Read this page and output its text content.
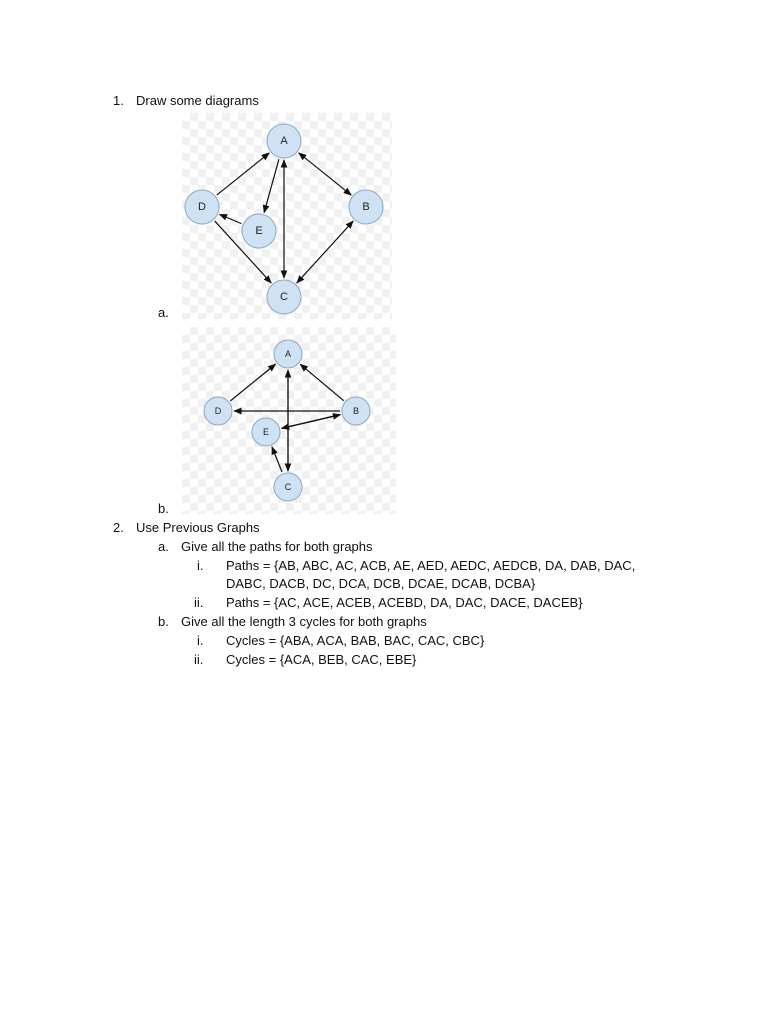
1. Draw some diagrams
A
B
C
D
E
a.
A
B
C
D
E
b.
2. Use Previous Graphs
a. Give all the paths for both graphs
i. Paths = {AB, ABC, AC, ACB, AE, AED, AEDC, AEDCB, DA, DAB, DAC,
DABC, DACB, DC, DCA, DCB, DCAE, DCAB, DCBA}
ii. Paths = {AC, ACE, ACEB, ACEBD, DA, DAC, DACE, DACEB}
b. Give all the length 3 cycles for both graphs
i. Cycles = {ABA, ACA, BAB, BAC, CAC, CBC}
ii. Cycles = {ACA, BEB, CAC, EBE}
